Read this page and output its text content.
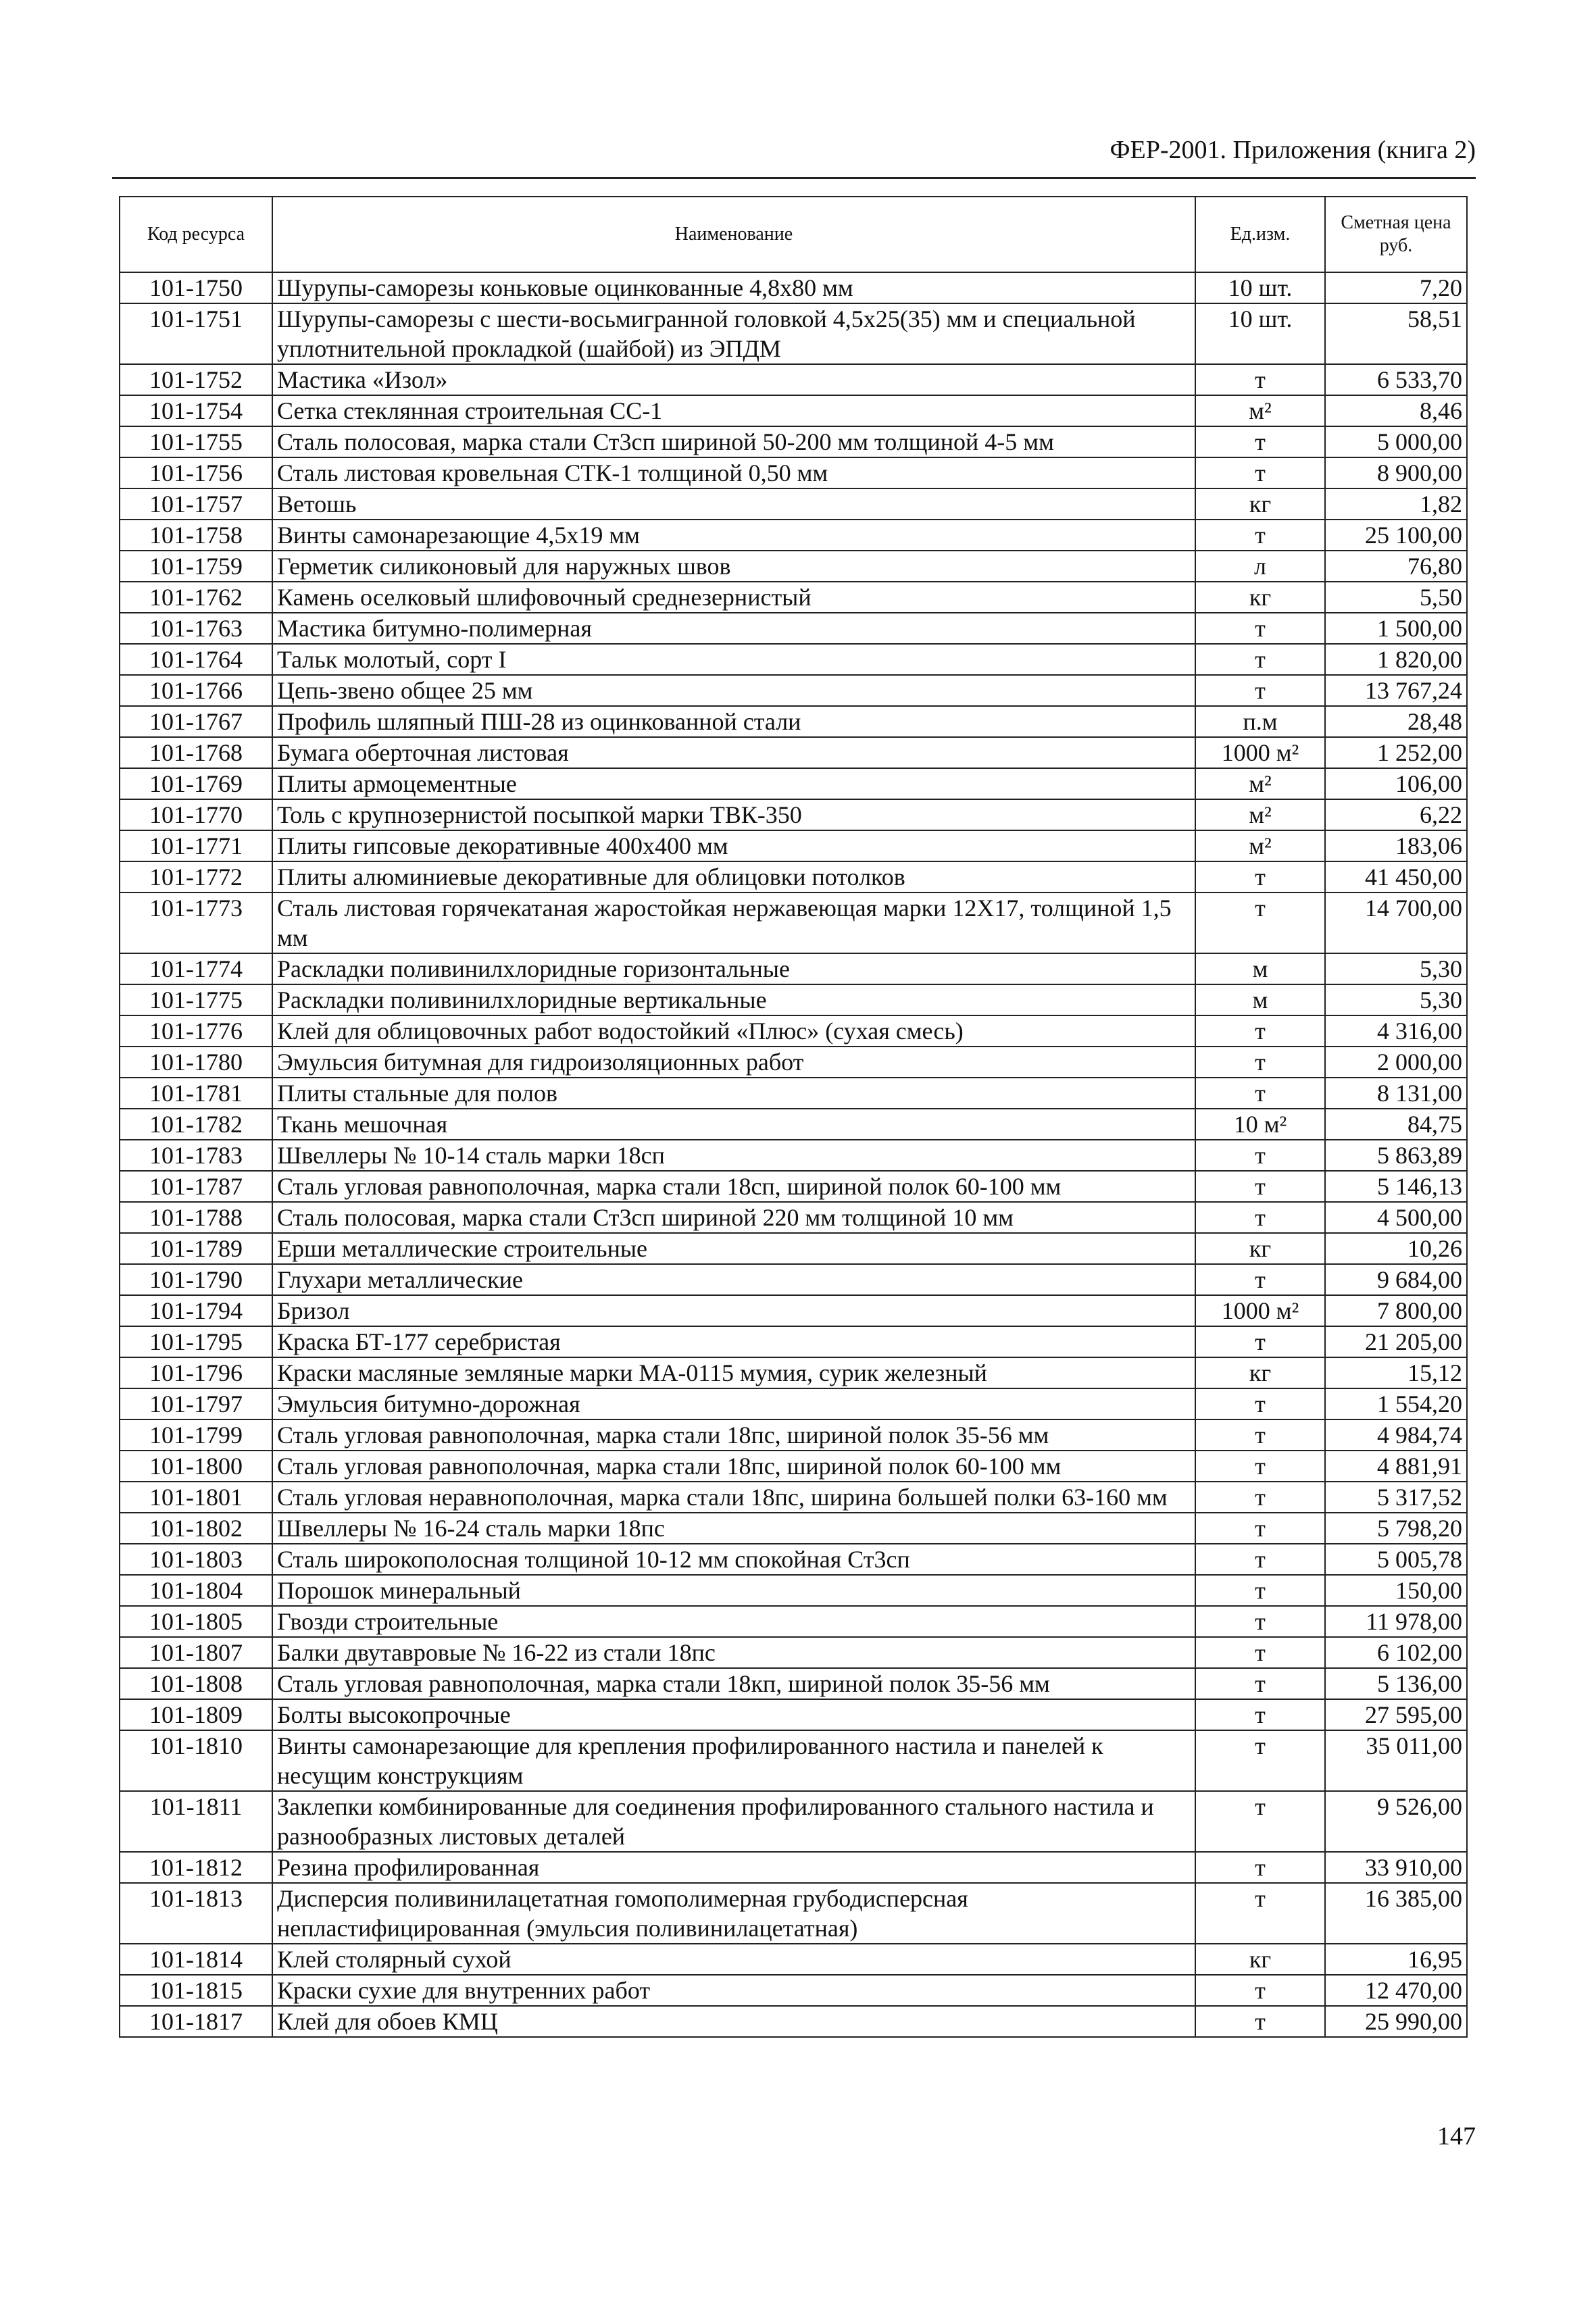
ФЕР-2001. Приложения (книга 2)
Код ресурса	Наименование	Ед.изм.	Сметная цена руб.
101-1750	Шурупы-саморезы коньковые оцинкованные 4,8х80 мм	10 шт.	7,20
101-1751	Шурупы-саморезы с шести-восьмигранной головкой 4,5х25(35) мм и специальной уплотнительной прокладкой (шайбой) из ЭПДМ	10 шт.	58,51
101-1752	Мастика «Изол»	т	6 533,70
101-1754	Сетка стеклянная строительная СС-1	м²	8,46
101-1755	Сталь полосовая, марка стали Ст3сп шириной 50-200 мм толщиной 4-5 мм	т	5 000,00
101-1756	Сталь листовая кровельная СТК-1 толщиной 0,50 мм	т	8 900,00
101-1757	Ветошь	кг	1,82
101-1758	Винты самонарезающие 4,5х19 мм	т	25 100,00
101-1759	Герметик силиконовый для наружных швов	л	76,80
101-1762	Камень оселковый шлифовочный среднезернистый	кг	5,50
101-1763	Мастика битумно-полимерная	т	1 500,00
101-1764	Тальк молотый, сорт I	т	1 820,00
101-1766	Цепь-звено общее 25 мм	т	13 767,24
101-1767	Профиль шляпный ПШ-28 из оцинкованной стали	п.м	28,48
101-1768	Бумага оберточная листовая	1000 м²	1 252,00
101-1769	Плиты армоцементные	м²	106,00
101-1770	Толь с крупнозернистой посыпкой марки ТВК-350	м²	6,22
101-1771	Плиты гипсовые декоративные 400х400 мм	м²	183,06
101-1772	Плиты алюминиевые декоративные для облицовки потолков	т	41 450,00
101-1773	Сталь листовая горячекатаная жаростойкая нержавеющая марки 12Х17, толщиной 1,5 мм	т	14 700,00
101-1774	Раскладки поливинилхлоридные горизонтальные	м	5,30
101-1775	Раскладки поливинилхлоридные вертикальные	м	5,30
101-1776	Клей для облицовочных работ водостойкий «Плюс» (сухая смесь)	т	4 316,00
101-1780	Эмульсия битумная для гидроизоляционных работ	т	2 000,00
101-1781	Плиты стальные для полов	т	8 131,00
101-1782	Ткань мешочная	10 м²	84,75
101-1783	Швеллеры № 10-14 сталь марки 18сп	т	5 863,89
101-1787	Сталь угловая равнополочная, марка стали 18сп, шириной полок 60-100 мм	т	5 146,13
101-1788	Сталь полосовая, марка стали Ст3сп шириной 220 мм толщиной 10 мм	т	4 500,00
101-1789	Ерши металлические строительные	кг	10,26
101-1790	Глухари металлические	т	9 684,00
101-1794	Бризол	1000 м²	7 800,00
101-1795	Краска БТ-177 серебристая	т	21 205,00
101-1796	Краски масляные земляные марки МА-0115 мумия, сурик железный	кг	15,12
101-1797	Эмульсия битумно-дорожная	т	1 554,20
101-1799	Сталь угловая равнополочная, марка стали 18пс, шириной полок 35-56 мм	т	4 984,74
101-1800	Сталь угловая равнополочная, марка стали 18пс, шириной полок 60-100 мм	т	4 881,91
101-1801	Сталь угловая неравнополочная, марка стали 18пс, ширина большей полки 63-160 мм	т	5 317,52
101-1802	Швеллеры № 16-24 сталь марки 18пс	т	5 798,20
101-1803	Сталь широкополосная толщиной 10-12 мм спокойная Ст3сп	т	5 005,78
101-1804	Порошок минеральный	т	150,00
101-1805	Гвозди строительные	т	11 978,00
101-1807	Балки двутавровые № 16-22 из стали 18пс	т	6 102,00
101-1808	Сталь угловая равнополочная, марка стали 18кп, шириной полок 35-56 мм	т	5 136,00
101-1809	Болты высокопрочные	т	27 595,00
101-1810	Винты самонарезающие для крепления профилированного настила и панелей к несущим конструкциям	т	35 011,00
101-1811	Заклепки комбинированные для соединения профилированного стального настила и разнообразных листовых деталей	т	9 526,00
101-1812	Резина профилированная	т	33 910,00
101-1813	Дисперсия поливинилацетатная гомополимерная грубодисперсная непластифицированная (эмульсия поливинилацетатная)	т	16 385,00
101-1814	Клей столярный сухой	кг	16,95
101-1815	Краски сухие для внутренних работ	т	12 470,00
101-1817	Клей для обоев КМЦ	т	25 990,00
147
